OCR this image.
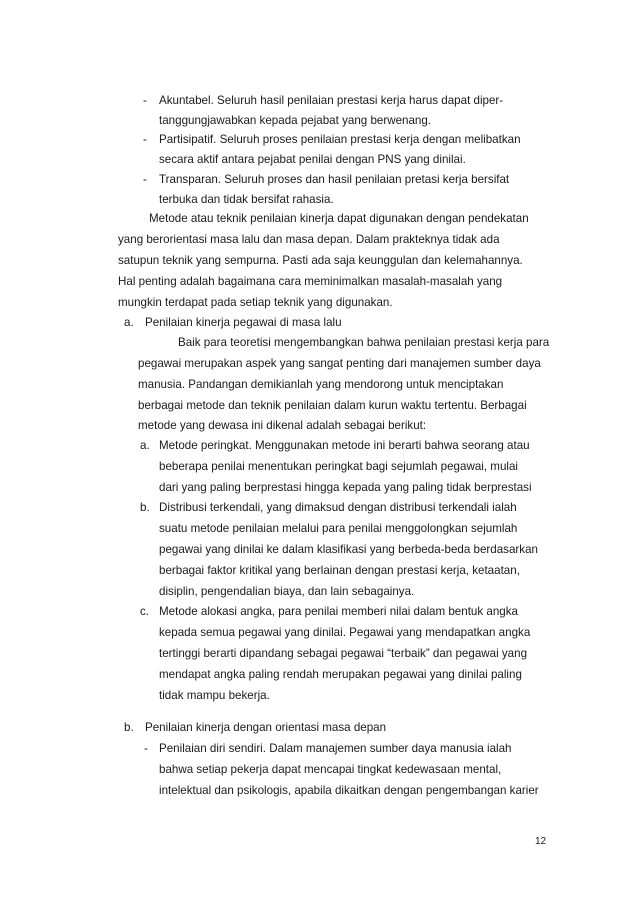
- Akuntabel. Seluruh hasil penilaian prestasi kerja harus dapat diper-
tanggungjawabkan kepada pejabat yang berwenang.
- Partisipatif. Seluruh proses penilaian prestasi kerja dengan melibatkan
secara aktif antara pejabat penilai dengan PNS yang dinilai.
- Transparan. Seluruh proses dan hasil penilaian pretasi kerja bersifat
terbuka dan tidak bersifat rahasia.
Metode atau teknik penilaian kinerja dapat digunakan dengan pendekatan
yang berorientasi masa lalu dan masa depan. Dalam prakteknya tidak ada
satupun teknik yang sempurna. Pasti ada saja keunggulan dan kelemahannya.
Hal penting adalah bagaimana cara meminimalkan masalah-masalah yang
mungkin terdapat pada setiap teknik yang digunakan.
a. Penilaian kinerja pegawai di masa lalu
Baik para teoretisi mengembangkan bahwa penilaian prestasi kerja para
pegawai merupakan aspek yang sangat penting dari manajemen sumber daya
manusia. Pandangan demikianlah yang mendorong untuk menciptakan
berbagai metode dan teknik penilaian dalam kurun waktu tertentu. Berbagai
metode yang dewasa ini dikenal adalah sebagai berikut:
a. Metode peringkat. Menggunakan metode ini berarti bahwa seorang atau
beberapa penilai menentukan peringkat bagi sejumlah pegawai, mulai
dari yang paling berprestasi hingga kepada yang paling tidak berprestasi
b. Distribusi terkendali, yang dimaksud dengan distribusi terkendali ialah
suatu metode penilaian melalui para penilai menggolongkan sejumlah
pegawai yang dinilai ke dalam klasifikasi yang berbeda-beda berdasarkan
berbagai faktor kritikal yang berlainan dengan prestasi kerja, ketaatan,
disiplin, pengendalian biaya, dan lain sebagainya.
c. Metode alokasi angka, para penilai memberi nilai dalam bentuk angka
kepada semua pegawai yang dinilai. Pegawai yang mendapatkan angka
tertinggi berarti dipandang sebagai pegawai “terbaik” dan pegawai yang
mendapat angka paling rendah merupakan pegawai yang dinilai paling
tidak mampu bekerja.
b. Penilaian kinerja dengan orientasi masa depan
- Penilaian diri sendiri. Dalam manajemen sumber daya manusia ialah
bahwa setiap pekerja dapat mencapai tingkat kedewasaan mental,
intelektual dan psikologis, apabila dikaitkan dengan pengembangan karier
12
